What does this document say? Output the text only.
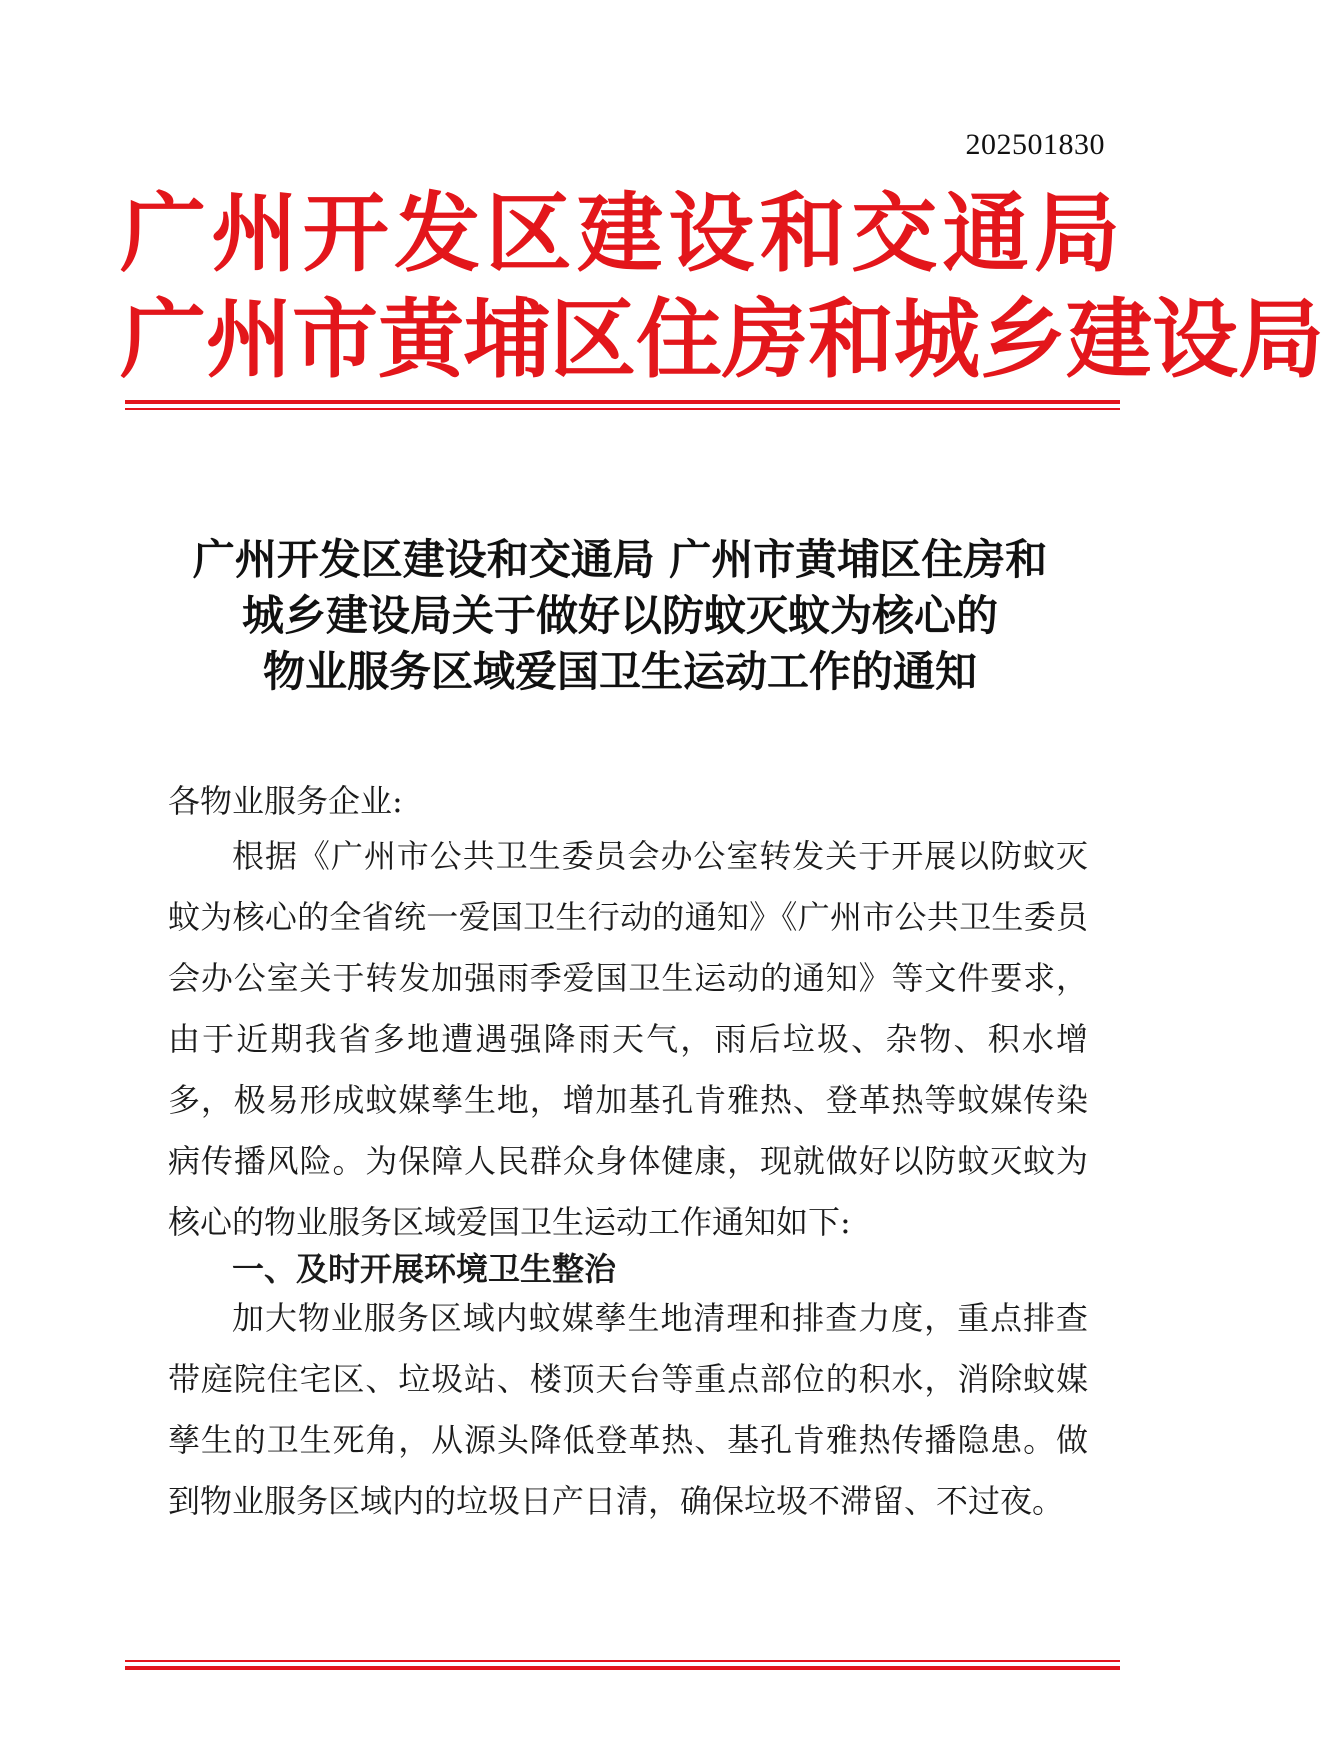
202501830
广州开发区建设和交通局
广州市黄埔区住房和城乡建设局
广州开发区建设和交通局 广州市黄埔区住房和
城乡建设局关于做好以防蚊灭蚊为核心的
物业服务区域爱国卫生运动工作的通知
各物业服务企业:

根据《广州市公共卫生委员会办公室转发关于开展以防蚊灭蚊为核心的全省统一爱国卫生行动的通知》《广州市公共卫生委员会办公室关于转发加强雨季爱国卫生运动的通知》等文件要求，由于近期我省多地遭遇强降雨天气，雨后垃圾、杂物、积水增多，极易形成蚊媒孳生地，增加基孔肯雅热、登革热等蚊媒传染病传播风险。为保障人民群众身体健康，现就做好以防蚊灭蚊为核心的物业服务区域爱国卫生运动工作通知如下:

一、及时开展环境卫生整治

加大物业服务区域内蚊媒孳生地清理和排查力度，重点排查带庭院住宅区、垃圾站、楼顶天台等重点部位的积水，消除蚊媒孳生的卫生死角，从源头降低登革热、基孔肯雅热传播隐患。做到物业服务区域内的垃圾日产日清，确保垃圾不滞留、不过夜。
